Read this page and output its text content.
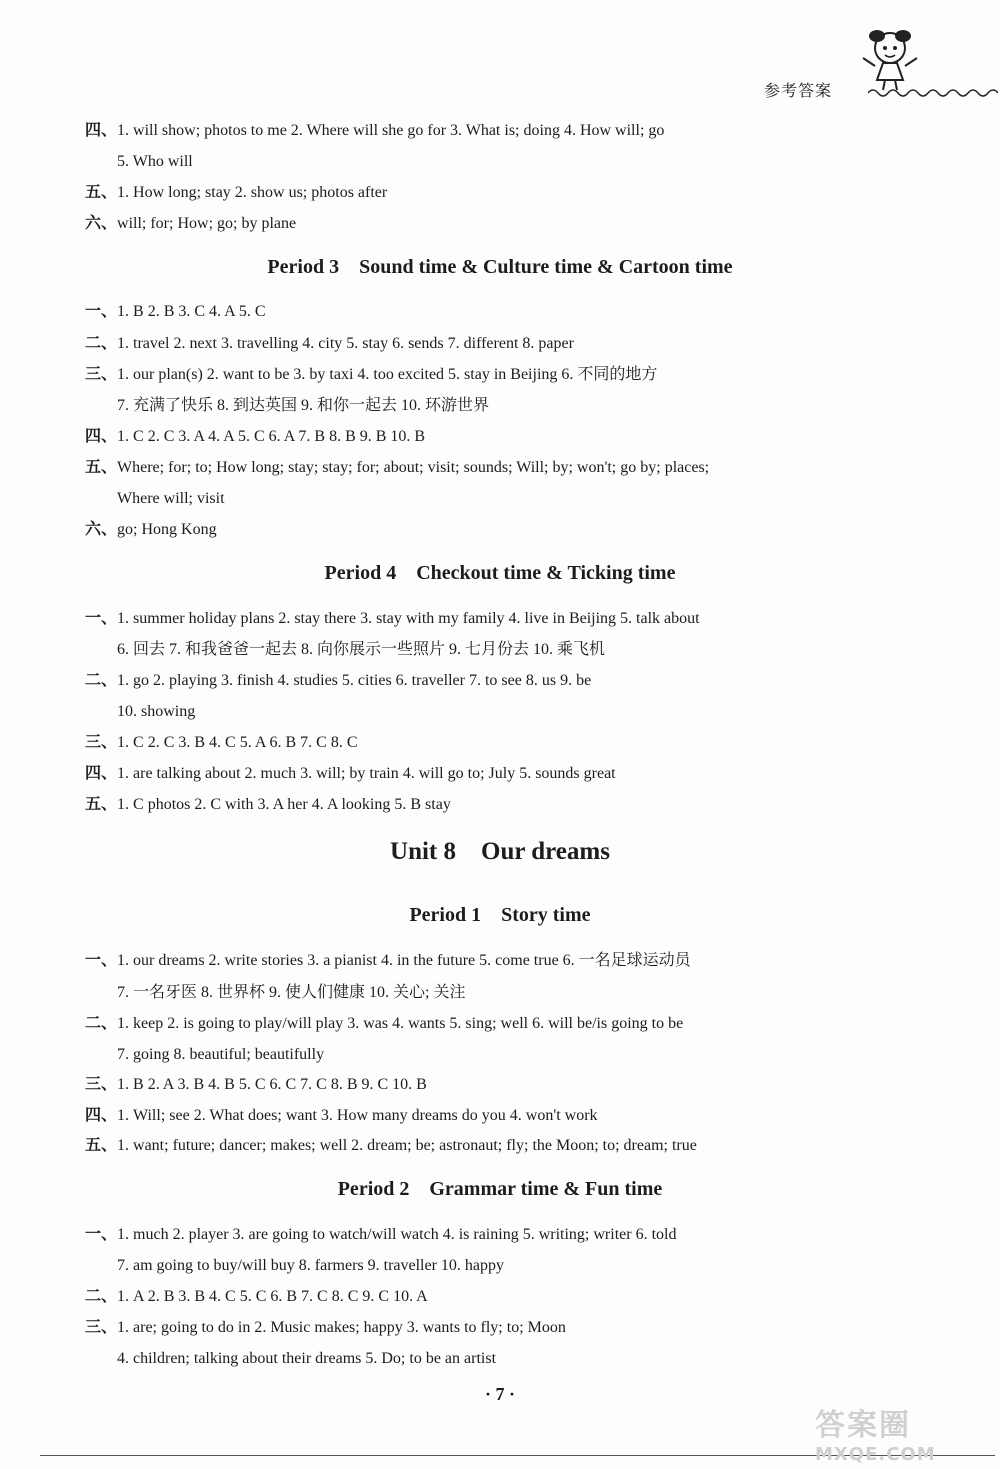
参考答案
四、1. will show; photos to me 2. Where will she go for 3. What is; doing 4. How will; go
5. Who will
五、1. How long; stay 2. show us; photos after
六、will; for; How; go; by plane
一、1. B 2. B 3. C 4. A 5. C
二、1. travel 2. next 3. travelling 4. city 5. stay 6. sends 7. different 8. paper
三、1. our plan(s) 2. want to be 3. by taxi 4. too excited 5. stay in Beijing 6. 不同的地方
7. 充满了快乐 8. 到达英国 9. 和你一起去 10. 环游世界
四、1. C 2. C 3. A 4. A 5. C 6. A 7. B 8. B 9. B 10. B
五、Where; for; to; How long; stay; stay; for; about; visit; sounds; Will; by; won't; go by; places;
Where will; visit
六、go; Hong Kong
一、1. summer holiday plans 2. stay there 3. stay with my family 4. live in Beijing 5. talk about
6. 回去 7. 和我爸爸一起去 8. 向你展示一些照片 9. 七月份去 10. 乘飞机
二、1. go 2. playing 3. finish 4. studies 5. cities 6. traveller 7. to see 8. us 9. be
10. showing
三、1. C 2. C 3. B 4. C 5. A 6. B 7. C 8. C
四、1. are talking about 2. much 3. will; by train 4. will go to; July 5. sounds great
五、1. C photos 2. C with 3. A her 4. A looking 5. B stay
一、1. our dreams 2. write stories 3. a pianist 4. in the future 5. come true 6. 一名足球运动员
7. 一名牙医 8. 世界杯 9. 使人们健康 10. 关心; 关注
二、1. keep 2. is going to play/will play 3. was 4. wants 5. sing; well 6. will be/is going to be
7. going 8. beautiful; beautifully
三、1. B 2. A 3. B 4. B 5. C 6. C 7. C 8. B 9. C 10. B
四、1. Will; see 2. What does; want 3. How many dreams do you 4. won't work
五、1. want; future; dancer; makes; well 2. dream; be; astronaut; fly; the Moon; to; dream; true
一、1. much 2. player 3. are going to watch/will watch 4. is raining 5. writing; writer 6. told
7. am going to buy/will buy 8. farmers 9. traveller 10. happy
二、1. A 2. B 3. B 4. C 5. C 6. B 7. C 8. C 9. C 10. A
三、1. are; going to do in 2. Music makes; happy 3. wants to fly; to; Moon
4. children; talking about their dreams 5. Do; to be an artist
Period 3    Sound time & Culture time & Cartoon time
Period 4    Checkout time & Ticking time
Period 1    Story time
Period 2    Grammar time & Fun time
Unit 8    Our dreams
· 7 ·
答案圈
MXQE.COM
